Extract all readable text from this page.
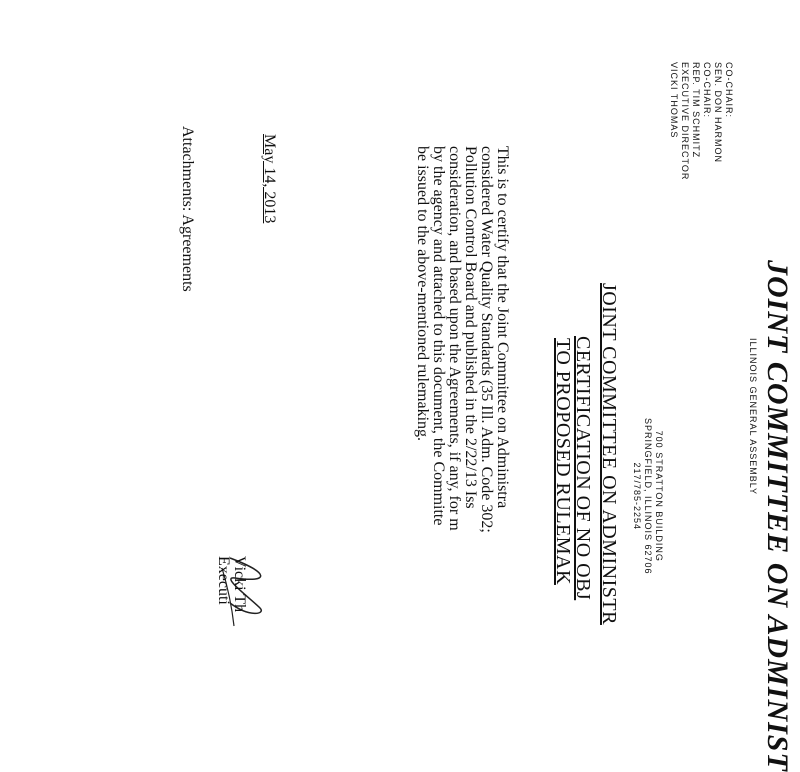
JOINT COMMITTEE ON ADMINIST
ILLINOIS GENERAL ASSEMBLY
CO-CHAIR:
SEN. DON HARMON
CO-CHAIR:
REP. TIM SCHMITZ
EXECUTIVE DIRECTOR
VICKI THOMAS
700 STRATTON BUILDING
SPRINGFIELD, ILLINOIS 62706
217/785-2254
JOINT COMMITTEE ON ADMINISTR
CERTIFICATION OF NO OBJ
TO PROPOSED RULEMAK
This is to certify that the Joint Committee on Administra
considered Water Quality Standards (35 Ill. Adm. Code 302;
Pollution Control Board and published in the 2/22/13 Iss
consideration, and based upon the Agreements, if any, for m
by the agency and attached to this document, the Committe
be issued to the above-mentioned rulemaking.
May 14, 2013
Vicki Th
Executi
Attachments: Agreements
